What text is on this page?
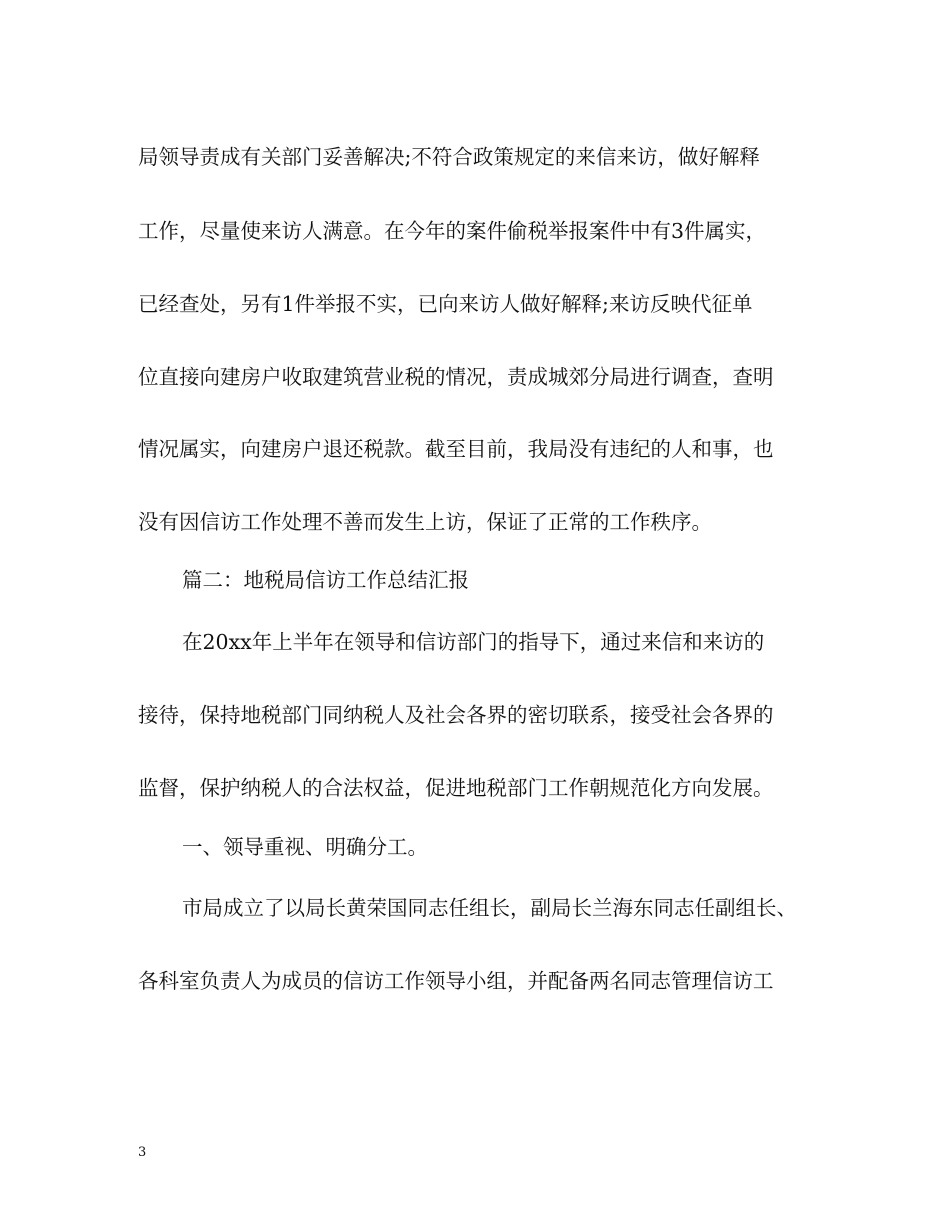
局领导责成有关部门妥善解决;不符合政策规定的来信来访，做好解释
工作，尽量使来访人满意。在今年的案件偷税举报案件中有3件属实，
已经查处，另有1件举报不实，已向来访人做好解释;来访反映代征单
位直接向建房户收取建筑营业税的情况，责成城郊分局进行调查，查明
情况属实，向建房户退还税款。截至目前，我局没有违纪的人和事，也
没有因信访工作处理不善而发生上访，保证了正常的工作秩序。
篇二：地税局信访工作总结汇报
在20xx年上半年在领导和信访部门的指导下，通过来信和来访的
接待，保持地税部门同纳税人及社会各界的密切联系，接受社会各界的
监督，保护纳税人的合法权益，促进地税部门工作朝规范化方向发展。
一、领导重视、明确分工。
市局成立了以局长黄荣国同志任组长，副局长兰海东同志任副组长、
各科室负责人为成员的信访工作领导小组，并配备两名同志管理信访工
3
